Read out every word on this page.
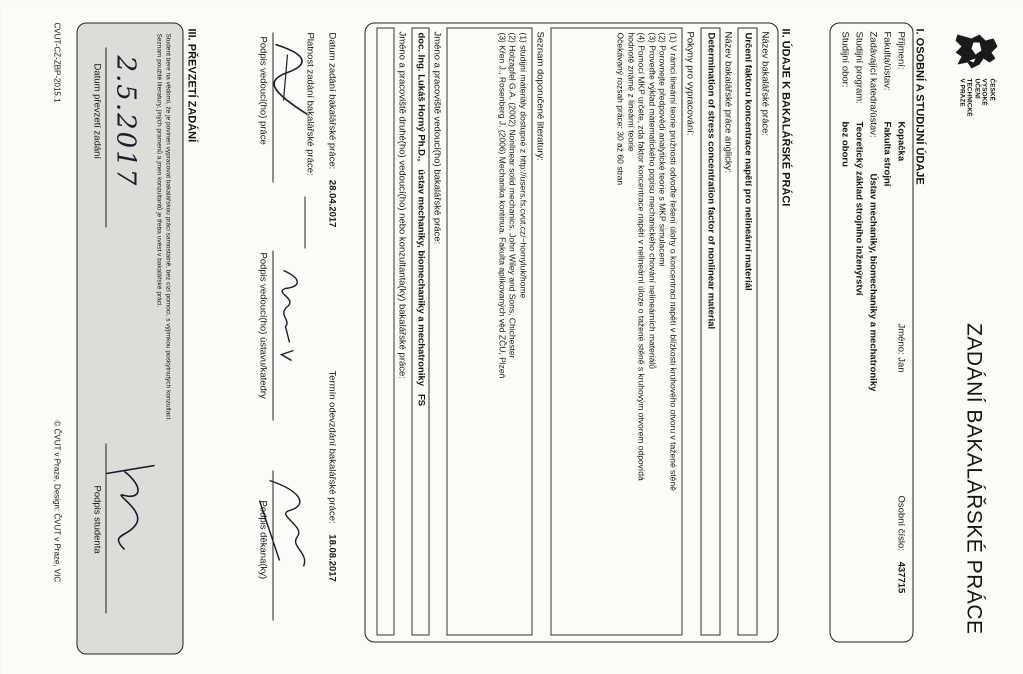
ČESKÉ
VYSOKÉ
UČENÍ
TECHNICKÉ
V PRAZE
ZADÁNÍ BAKALÁŘSKÉ PRÁCE
I. OSOBNÍ A STUDIJNÍ ÚDAJE
Příjmení:
Kopačka
Jméno: Jan
Osobní číslo: 437715
Fakulta/ústav:
Fakulta strojní
Zadávající katedra/ústav:
Ústav mechaniky, biomechaniky a mechatroniky
Studijní program:
Teoretický základ strojního inženýrství
Studijní obor:
bez oboru
II. ÚDAJE K BAKALÁŘSKÉ PRÁCI
Název bakalářské práce:
Určení faktoru koncentrace napětí pro nelineární materiál
Název bakalářské práce anglicky:
Determination of stress concentration factor of nonlinear material
Pokyny pro vypracování:
(1) V rámci lineární teorie pružnosti odvoďte řešení úlohy o koncentraci napětí v blízkosti kruhového otvoru v tažené stěně
(2) Porovnejte předpovědi analytické teorie s MKP simulacemi
(3) Proveďte výklad matematického popisu mechanického chování nelineárních materiálů
(4) Pomocí MKP určete, zda faktor koncentrace napětí v nelineární úloze o tažené stěně s kruhovým otvorem odpovídá
hodnotě známé z lineární teorie
Očekávaný rozsah práce: 30 až 60 stran
Seznam doporučené literatury:
(1) studijní materiály dostupné z http://users.fs.cvut.cz/~hornyluk/home
(2) Holzapfel G.A. (2002) Nonlinear solid mechanics. John Wiley and Sons, Chichester
(3) Křen J., Rosenberg J. (2006) Mechanika kontinua. Fakulta aplikovaných věd ZČU, Plzeň
Jméno a pracoviště vedoucí(ho) bakalářské práce:
doc. Ing. Lukáš Horný Ph.D.,   ústav mechaniky, biomechaniky a mechatroniky   FS
Jméno a pracoviště druhé(ho) vedoucí(ho) nebo konzultanta(ky) bakalářské práce:
Datum zadání bakalářské práce: 28.04.2017
Termín odevzdání bakalářské práce: 18.08.2017
Platnost zadání bakalářské práce:
Podpis vedoucí(ho) práce
Podpis vedoucí(ho) ústavu/katedry
Podpis děkana(ky)
III. PŘEVZETÍ ZADÁNÍ
Student bere na vědomí, že je povinen vypracovat bakalářskou práci samostatně, bez cizí pomoci, s výjimkou poskytnutých konzultací.
Seznam použité literatury, jiných pramenů a jmen konzultantů je třeba uvést v bakalářské práci.
2.5.2017
Datum převzetí zadání
Podpis studenta
CVUT-CZ-ZBP-2015.1
© ČVUT v Praze, Design: ČVUT v Praze, VIC
